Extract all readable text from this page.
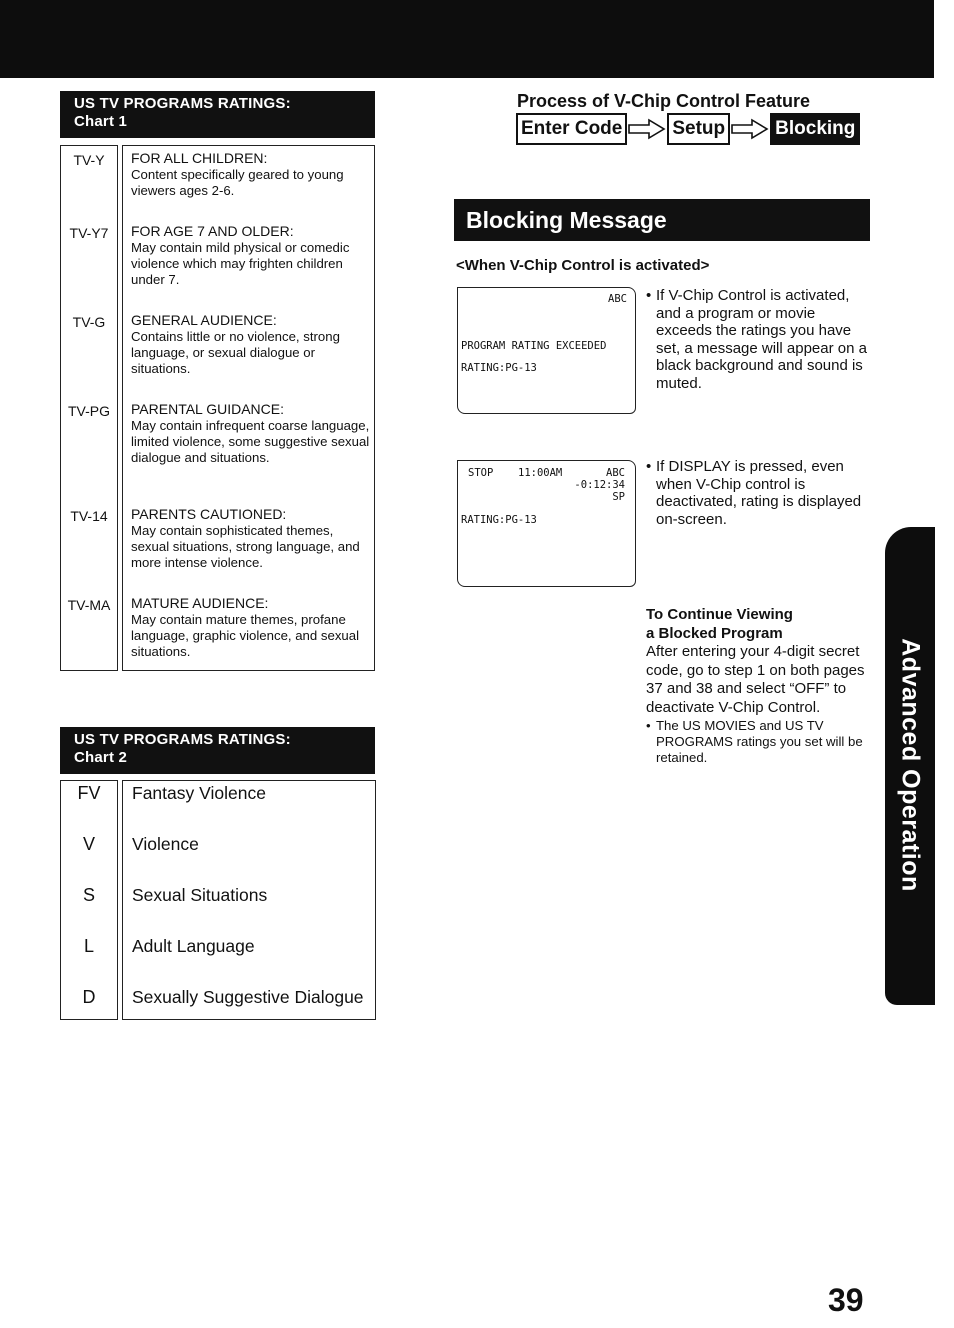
US TV PROGRAMS RATINGS:
Chart 1
TV-Y	FOR ALL CHILDREN:
Content specifically geared to young viewers ages 2-6.
TV-Y7	FOR AGE 7 AND OLDER:
May contain mild physical or comedic violence which may frighten children under 7.
TV-G	GENERAL AUDIENCE:
Contains little or no violence, strong language, or sexual dialogue or situations.
TV-PG	PARENTAL GUIDANCE:
May contain infrequent coarse language, limited violence, some suggestive sexual dialogue and situations.
TV-14	PARENTS CAUTIONED:
May contain sophisticated themes, sexual situations, strong language, and more intense violence.
TV-MA	MATURE AUDIENCE:
May contain mature themes, profane language, graphic violence, and sexual situations.
US TV PROGRAMS RATINGS:
Chart 2
FV	Fantasy Violence
V	Violence
S	Sexual Situations
L	Adult Language
D	Sexually Suggestive Dialogue
Process of V-Chip Control Feature
Enter Code	Setup	Blocking
Blocking Message
<When V-Chip Control is activated>
ABC
PROGRAM RATING EXCEEDED
RATING:PG-13
• If V-Chip Control is activated, and a program or movie exceeds the ratings you have set, a message will appear on a black background and sound is muted.
STOP 11:00AM	ABC
-0:12:34
SP
RATING:PG-13
• If DISPLAY is pressed, even when V-Chip control is deactivated, rating is displayed on-screen.
To Continue Viewing
a Blocked Program
After entering your 4-digit secret code, go to step 1 on both pages 37 and 38 and select “OFF” to deactivate V-Chip Control.
• The US MOVIES and US TV PROGRAMS ratings you set will be retained.	Advanced Operation
39
